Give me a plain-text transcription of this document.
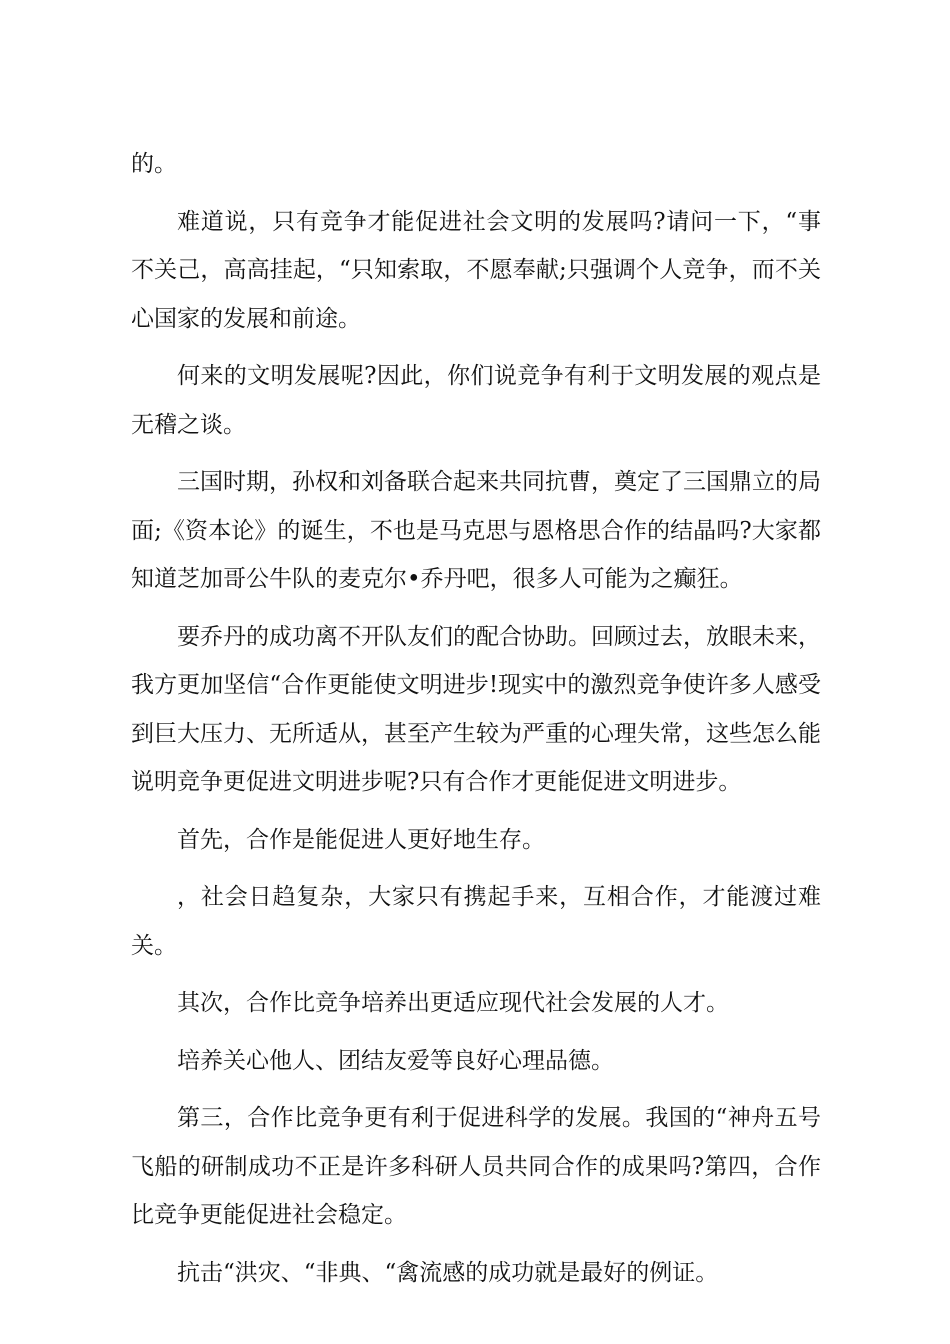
的。

难道说，只有竞争才能促进社会文明的发展吗?请问一下，“事不关己，高高挂起，“只知索取，不愿奉献;只强调个人竞争，而不关心国家的发展和前途。

何来的文明发展呢?因此，你们说竞争有利于文明发展的观点是无稽之谈。

三国时期，孙权和刘备联合起来共同抗曹，奠定了三国鼎立的局面;《资本论》的诞生，不也是马克思与恩格思合作的结晶吗?大家都知道芝加哥公牛队的麦克尔•乔丹吧，很多人可能为之癫狂。

要乔丹的成功离不开队友们的配合协助。回顾过去，放眼未来，我方更加坚信“合作更能使文明进步!现实中的激烈竞争使许多人感受到巨大压力、无所适从，甚至产生较为严重的心理失常，这些怎么能说明竞争更促进文明进步呢?只有合作才更能促进文明进步。

首先，合作是能促进人更好地生存。

，社会日趋复杂，大家只有携起手来，互相合作，才能渡过难关。

其次，合作比竞争培养出更适应现代社会发展的人才。

培养关心他人、团结友爱等良好心理品德。

第三，合作比竞争更有利于促进科学的发展。我国的“神舟五号飞船的研制成功不正是许多科研人员共同合作的成果吗?第四，合作比竞争更能促进社会稳定。

抗击“洪灾、“非典、“禽流感的成功就是最好的例证。
